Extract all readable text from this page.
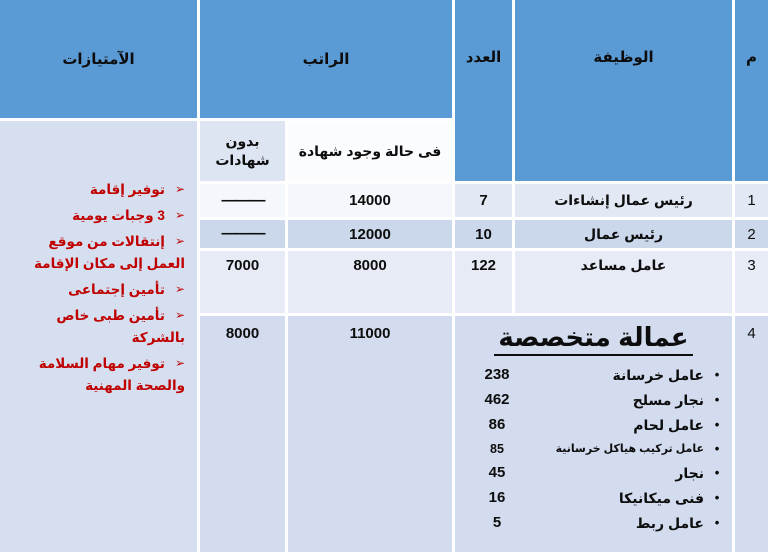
م
الوظيفة
العدد
الراتب
الآمتيازات
فى حالة وجود شهادة
بدون شهادات
➢توفير إقامة
➢3 وجبات يومية
➢إنتقالات من موقع العمل إلى مكان الإقامة
➢تأمين إجتماعى
➢تأمين طبى خاص بالشركة
➢توفير مهام السلامة والصحة المهنية
1
رئيس عمال إنشاءات
7
14000
———
2
رئيس عمال
10
12000
———
3
عامل مساعد
122
8000
7000
4
عمالة متخصصة
•
عامل خرسانة
238
•
نجار مسلح
462
•
عامل لحام
86
•
عامل تركيب هياكل خرسانية
85
•
نجار
45
•
فنى ميكانيكا
16
•
عامل ربط
5
11000
8000
